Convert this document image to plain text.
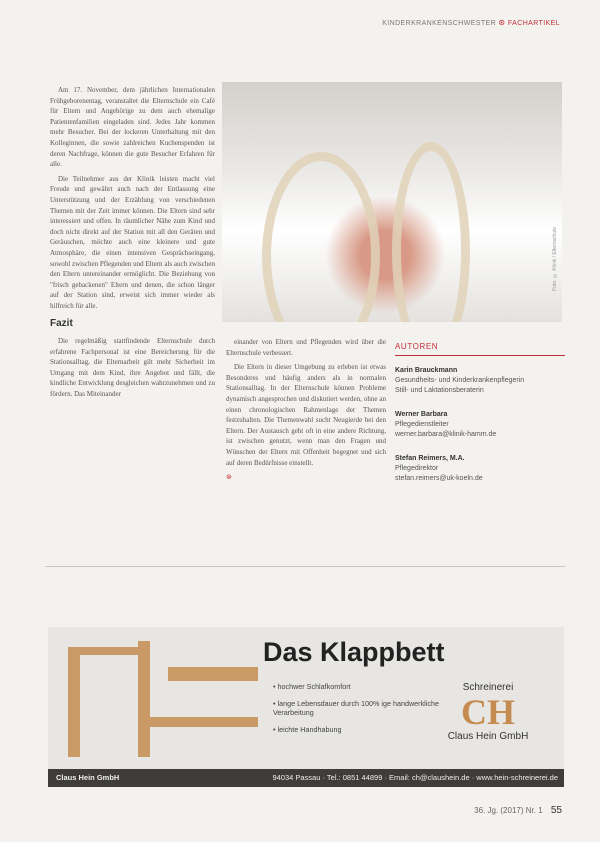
KINDERKRANKENSCHWESTER ⊛ FACHARTIKEL

Am 17. November, dem jährlichen Internationalen Frühgeborenentag, veranstaltet die Elternschule ein Café für Eltern und Angehörige zu dem auch ehemalige Patientenfamilien eingeladen sind. Jedes Jahr kommen mehr Besucher. Bei der lockeren Unterhaltung mit den Kolleginnen, die sowie zahlreichen Kuchenspenden ist deren Nachfrage, können die gute Besucher Erfahren für alle.

Die Teilnehmer aus der Klinik leisten macht viel Freude und gewährt auch nach der Entlassung eine Unterstützung und der Erzählung von verschiedenen Themen mit der Zeit immer können. Die Eltern sind sehr interessiert und offen. In räumlicher Nähe zum Kind und doch nicht direkt auf der Station mit all den Geräten und Geräuschen, möchte auch eine kleinere und gute Atmosphäre, die einen intensiven Gesprächseingang, sowohl zwischen Pflegenden und Eltern als auch zwischen den Eltern untereinander ermöglicht. Die Beziehung von "frisch gebackenen" Eltern und denen, die schon länger auf der Station sind, erweist sich immer wieder als hilfreich für alle.

Fazit

Die regelmäßig stattfindende Elternschule durch erfahrene Fachpersonal ist eine Bereicherung für die Stationsalltag, die Elternarbeit gilt mehr Sicherheit im Umgang mit dem Kind, ihre Angebot und fällt, die kindliche Entwicklung desgleichen wahrzunehmen und zu fördern. Das Miteinander

Foto: © Klinik / Elternschule

einander von Eltern und Pflegenden wird über die Elternschule verbessert.

Die Eltern in dieser Umgebung zu erleben ist etwas Besonderes und häufig anders als in normalen Stationsalltag. In der Elternschule können Probleme dynamisch angesprochen und diskutiert werden, ohne an einen chronologischen Rahmenlage der Themen festzuhalten. Die Themenwahl sucht Neugierde bei den Eltern. Der Austausch geht oft in eine andere Richtung, ist zwischen genutzt, wenn man den Fragen und Wünschen der Eltern mit Offenheit begegnet und sich auf deren Bedürfnisse einstellt.

⊛
AUTOREN
Karin Brauckmann
Gesundheits- und Kinderkrankenpflegerin
Still- und Laktationsberaterin
Werner Barbara
Pflegedienstleiter
werner.barbara@klinik-hamm.de
Stefan Reimers, M.A.
Pflegedirektor
stefan.reimers@uk-koeln.de
Das Klappbett
• hochwer Schlafkomfort
• lange Lebensdauer durch 100% ige handwerkliche Verarbeitung
• leichte Handhabung
Schreinerei
CH
Claus Hein GmbH
Claus Hein GmbH	94034 Passau · Tel.: 0851 44899 · Email: ch@claushein.de · www.hein-schreinerei.de
36. Jg. (2017) Nr. 1 55
